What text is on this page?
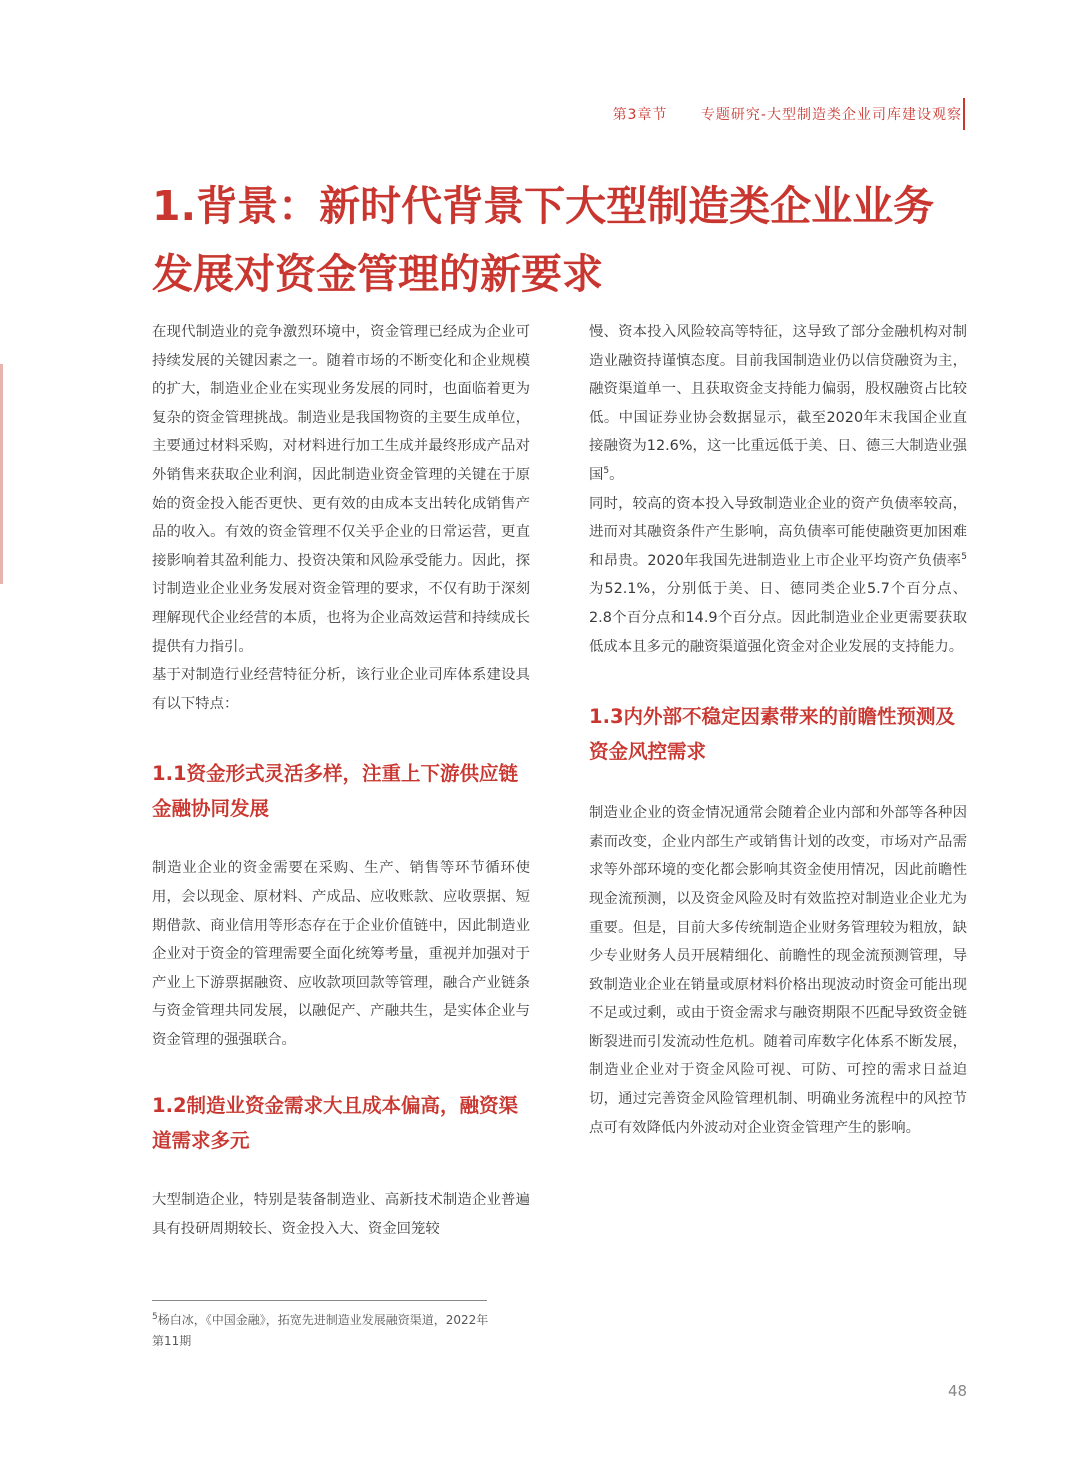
第3章节 专题研究-大型制造类企业司库建设观察
1.背景：新时代背景下大型制造类企业业务发展对资金管理的新要求

在现代制造业的竞争激烈环境中，资金管理已经成为企业可持续发展的关键因素之一。随着市场的不断变化和企业规模的扩大，制造业企业在实现业务发展的同时，也面临着更为复杂的资金管理挑战。制造业是我国物资的主要生成单位，主要通过材料采购，对材料进行加工生成并最终形成产品对外销售来获取企业利润，因此制造业资金管理的关键在于原始的资金投入能否更快、更有效的由成本支出转化成销售产品的收入。有效的资金管理不仅关乎企业的日常运营，更直接影响着其盈利能力、投资决策和风险承受能力。因此，探讨制造业企业业务发展对资金管理的要求，不仅有助于深刻理解现代企业经营的本质，也将为企业高效运营和持续成长提供有力指引。

基于对制造行业经营特征分析，该行业企业司库体系建设具有以下特点：

1.1资金形式灵活多样，注重上下游供应链金融协同发展

制造业企业的资金需要在采购、生产、销售等环节循环使用，会以现金、原材料、产成品、应收账款、应收票据、短期借款、商业信用等形态存在于企业价值链中，因此制造业企业对于资金的管理需要全面化统筹考量，重视并加强对于产业上下游票据融资、应收款项回款等管理，融合产业链条与资金管理共同发展，以融促产、产融共生，是实体企业与资金管理的强强联合。

1.2制造业资金需求大且成本偏高，融资渠道需求多元

大型制造企业，特别是装备制造业、高新技术制造企业普遍具有投研周期较长、资金投入大、资金回笼较

慢、资本投入风险较高等特征，这导致了部分金融机构对制造业融资持谨慎态度。目前我国制造业仍以信贷融资为主，融资渠道单一、且获取资金支持能力偏弱，股权融资占比较低。中国证券业协会数据显示，截至2020年末我国企业直接融资为12.6%，这一比重远低于美、日、德三大制造业强国$^5$。

同时，较高的资本投入导致制造业企业的资产负债率较高，进而对其融资条件产生影响，高负债率可能使融资更加困难和昂贵。2020年我国先进制造业上市企业平均资产负债率$^5$为52.1%，分别低于美、日、德同类企业5.7个百分点、2.8个百分点和14.9个百分点。因此制造业企业更需要获取低成本且多元的融资渠道强化资金对企业发展的支持能力。

1.3内外部不稳定因素带来的前瞻性预测及资金风控需求

制造业企业的资金情况通常会随着企业内部和外部等各种因素而改变，企业内部生产或销售计划的改变，市场对产品需求等外部环境的变化都会影响其资金使用情况，因此前瞻性现金流预测，以及资金风险及时有效监控对制造业企业尤为重要。但是，目前大多传统制造企业财务管理较为粗放，缺少专业财务人员开展精细化、前瞻性的现金流预测管理，导致制造业企业在销量或原材料价格出现波动时资金可能出现不足或过剩，或由于资金需求与融资期限不匹配导致资金链断裂进而引发流动性危机。随着司库数字化体系不断发展，制造业企业对于资金风险可视、可防、可控的需求日益迫切，通过完善资金风险管理机制、明确业务流程中的风控节点可有效降低内外波动对企业资金管理产生的影响。

$^5$杨白冰，《中国金融》，拓宽先进制造业发展融资渠道，2022年第11期
48
